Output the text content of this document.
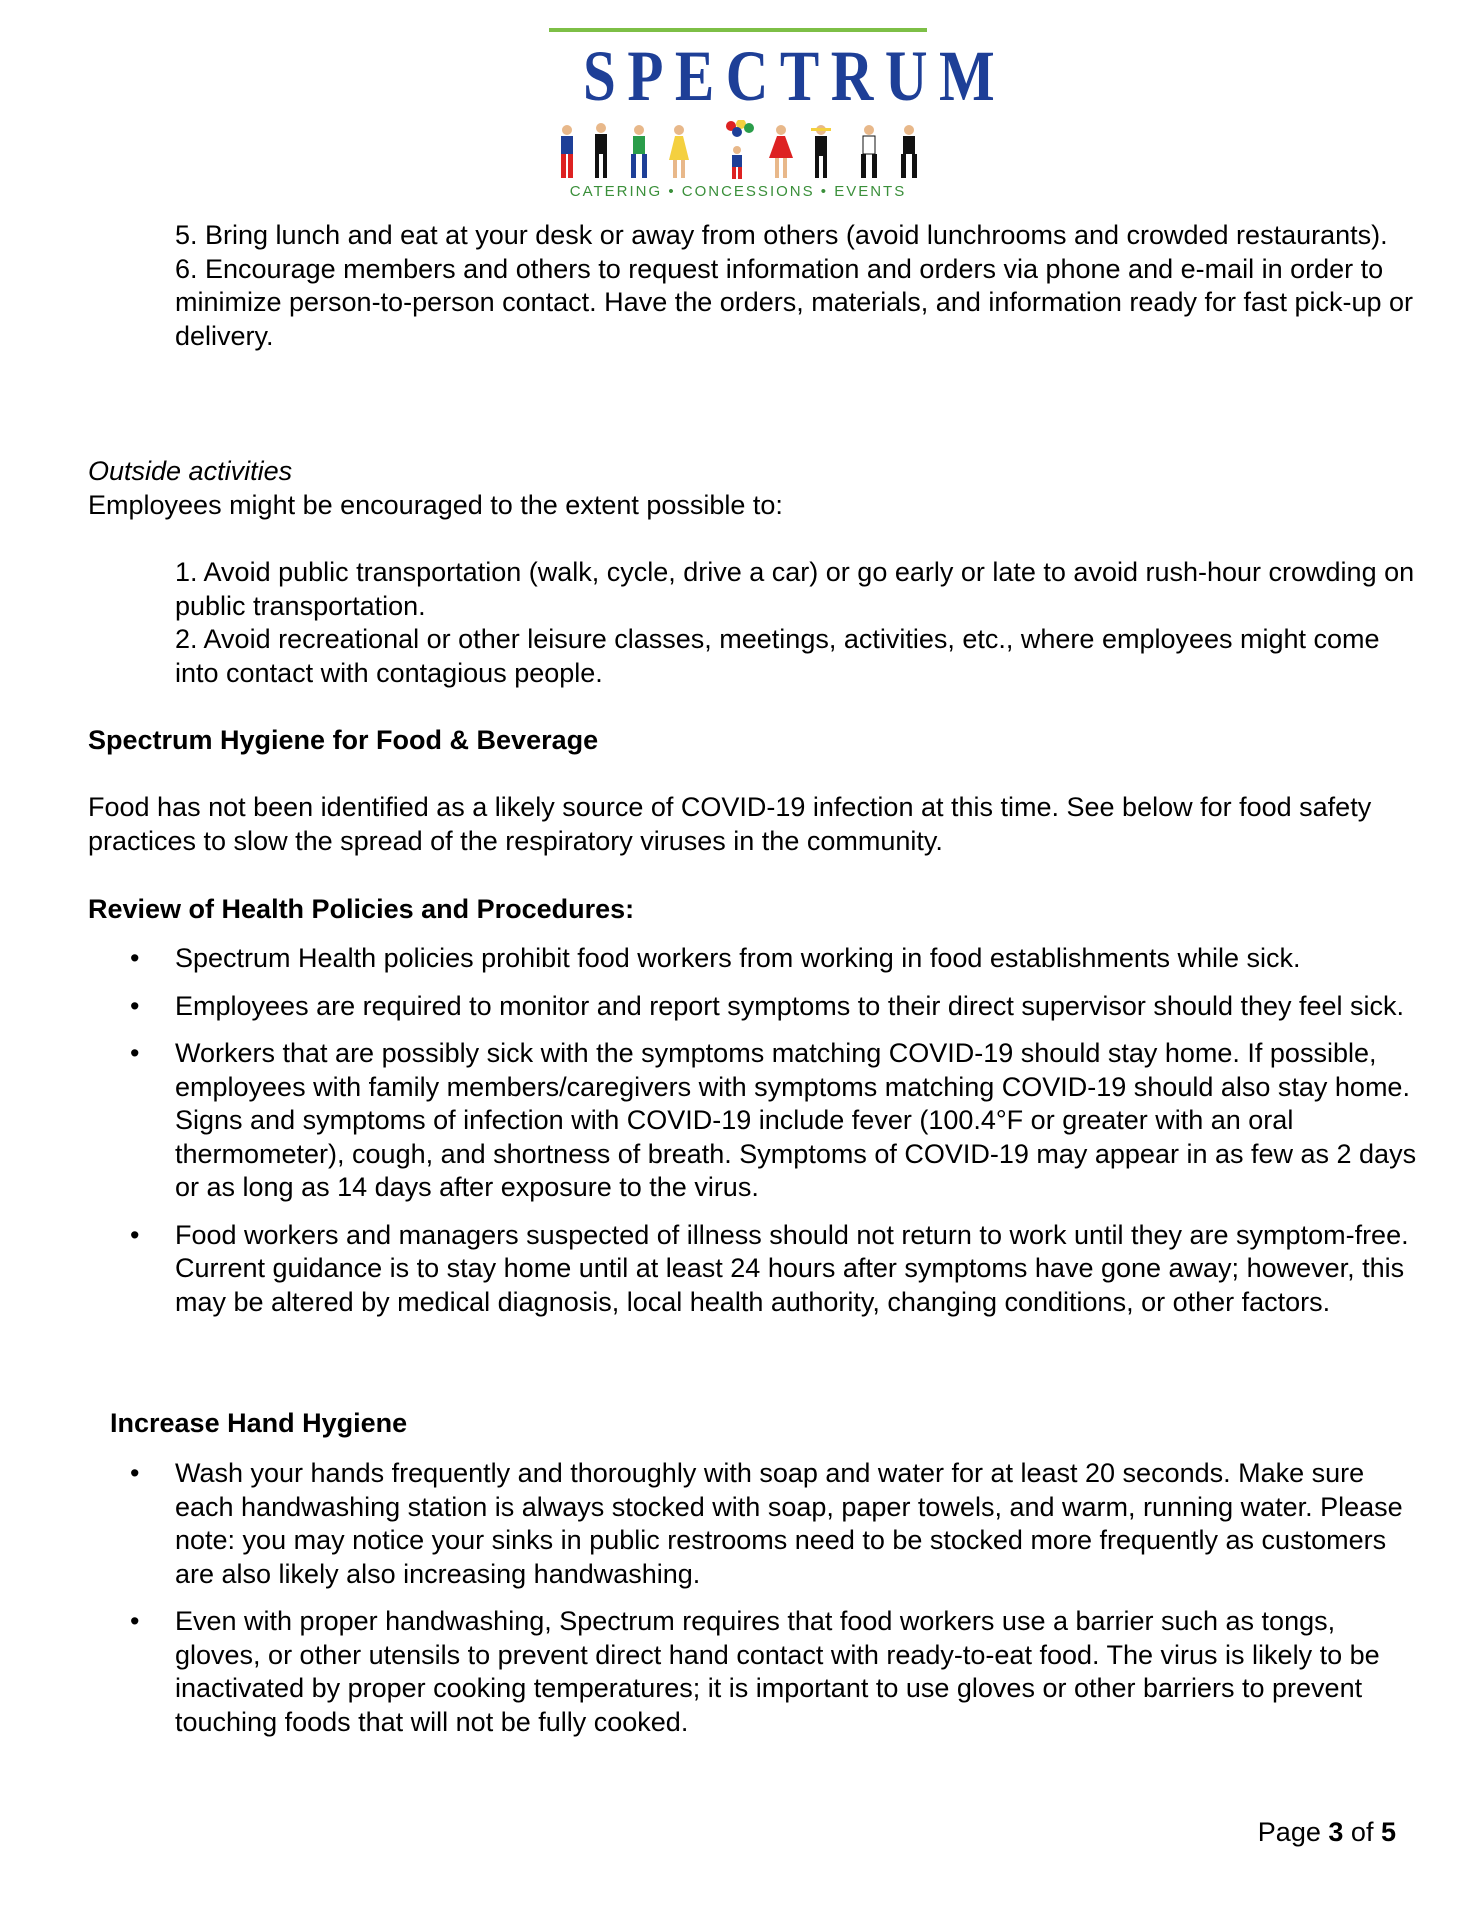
SPECTRUM
CATERING • CONCESSIONS • EVENTS

5. Bring lunch and eat at your desk or away from others (avoid lunchrooms and crowded restaurants).

6. Encourage members and others to request information and orders via phone and e-mail in order to minimize person-to-person contact. Have the orders, materials, and information ready for fast pick-up or delivery.

Outside activities
Employees might be encouraged to the extent possible to:

1. Avoid public transportation (walk, cycle, drive a car) or go early or late to avoid rush-hour crowding on public transportation.

2. Avoid recreational or other leisure classes, meetings, activities, etc., where employees might come into contact with contagious people.

Spectrum Hygiene for Food & Beverage
Food has not been identified as a likely source of COVID-19 infection at this time. See below for food safety practices to slow the spread of the respiratory viruses in the community.
Review of Health Policies and Procedures:
•	Spectrum Health policies prohibit food workers from working in food establishments while sick.
•	Employees are required to monitor and report symptoms to their direct supervisor should they feel sick.
•	Workers that are possibly sick with the symptoms matching COVID-19 should stay home. If possible, employees with family members/caregivers with symptoms matching COVID-19 should also stay home. Signs and symptoms of infection with COVID-19 include fever (100.4°F or greater with an oral thermometer), cough, and shortness of breath. Symptoms of COVID-19 may appear in as few as 2 days or as long as 14 days after exposure to the virus.
•	Food workers and managers suspected of illness should not return to work until they are symptom-free. Current guidance is to stay home until at least 24 hours after symptoms have gone away; however, this may be altered by medical diagnosis, local health authority, changing conditions, or other factors.
Increase Hand Hygiene
•	Wash your hands frequently and thoroughly with soap and water for at least 20 seconds. Make sure each handwashing station is always stocked with soap, paper towels, and warm, running water. Please note: you may notice your sinks in public restrooms need to be stocked more frequently as customers are also likely also increasing handwashing.
•	Even with proper handwashing, Spectrum requires that food workers use a barrier such as tongs, gloves, or other utensils to prevent direct hand contact with ready-to-eat food. The virus is likely to be inactivated by proper cooking temperatures; it is important to use gloves or other barriers to prevent touching foods that will not be fully cooked.
Page 3 of 5
